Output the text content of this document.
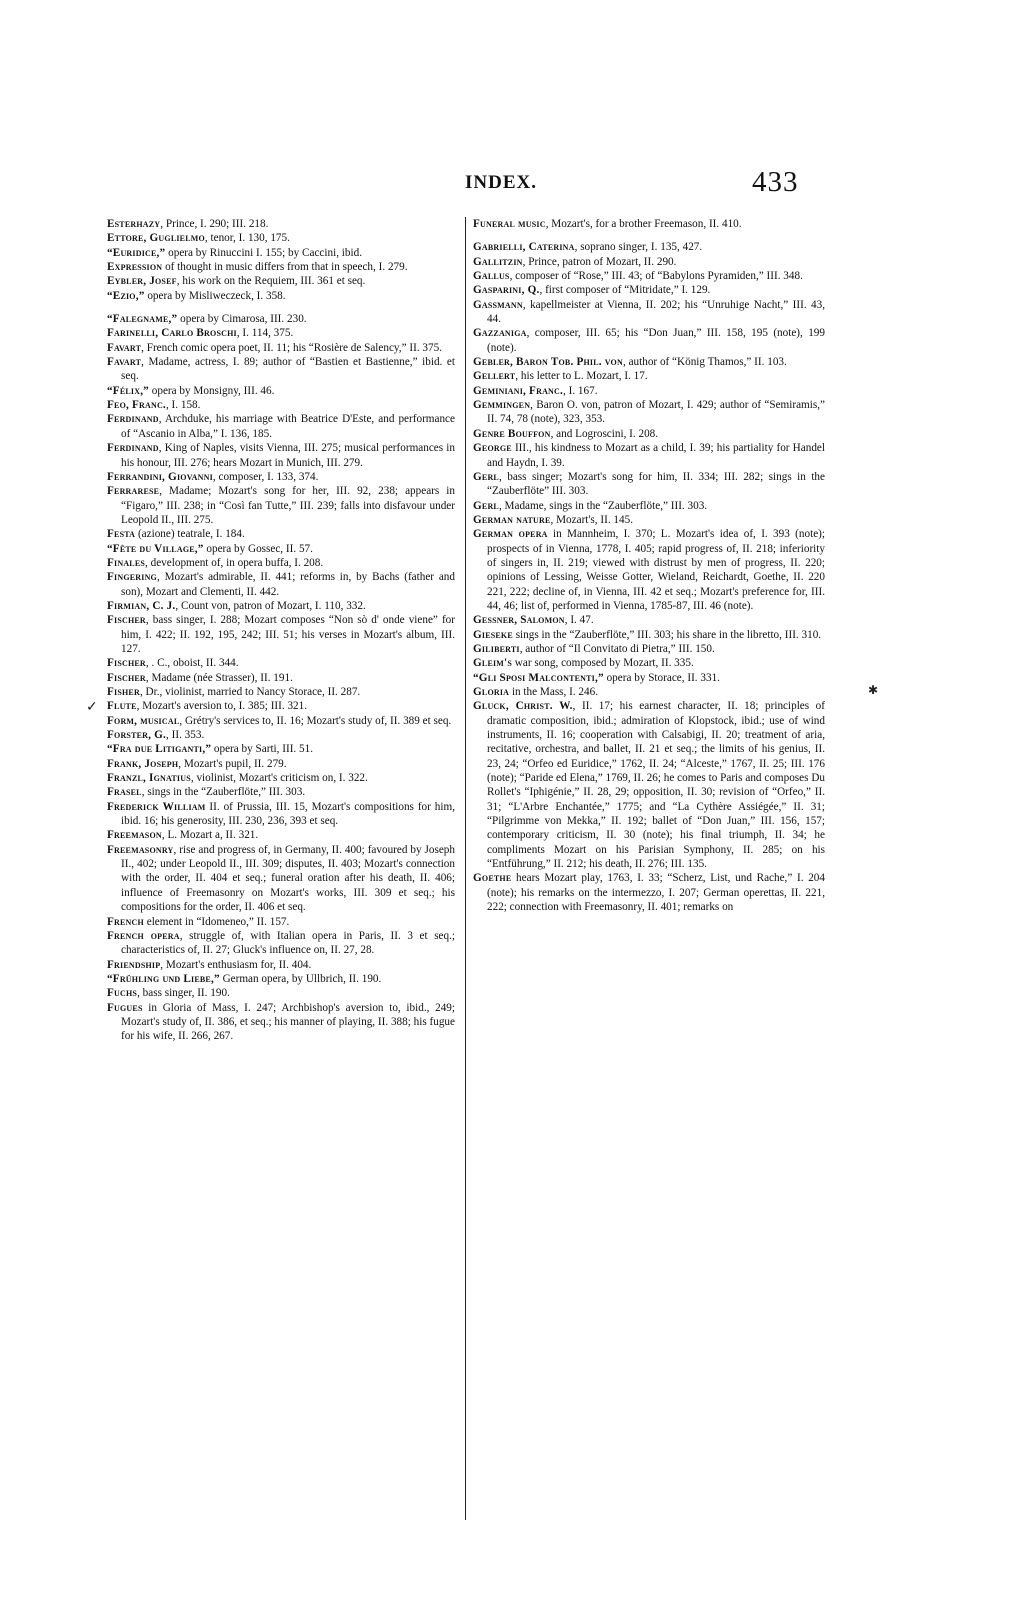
INDEX.	433

Esterhazy, Prince, I. 290; III. 218.

Ettore, Guglielmo, tenor, I. 130, 175.

“Euridice,” opera by Rinuccini I. 155; by Caccini, ibid.

Expression of thought in music differs from that in speech, I. 279.

Eybler, Josef, his work on the Requiem, III. 361 et seq.

“Ezio,” opera by Misliweczeck, I. 358.

“Falegname,” opera by Cimarosa, III. 230.

Farinelli, Carlo Broschi, I. 114, 375.

Favart, French comic opera poet, II. 11; his “Rosière de Salency,” II. 375.

Favart, Madame, actress, I. 89; author of “Bastien et Bastienne,” ibid. et seq.

“Félix,” opera by Monsigny, III. 46.

Feo, Franc., I. 158.

Ferdinand, Archduke, his marriage with Beatrice D'Este, and performance of “Ascanio in Alba,” I. 136, 185.

Ferdinand, King of Naples, visits Vienna, III. 275; musical performances in his honour, III. 276; hears Mozart in Munich, III. 279.

Ferrandini, Giovanni, composer, I. 133, 374.

Ferrarese, Madame; Mozart's song for her, III. 92, 238; appears in “Figaro,” III. 238; in “Così fan Tutte,” III. 239; falls into disfavour under Leopold II., III. 275.

Festa (azione) teatrale, I. 184.

“Fête du Village,” opera by Gossec, II. 57.

Finales, development of, in opera buffa, I. 208.

Fingering, Mozart's admirable, II. 441; reforms in, by Bachs (father and son), Mozart and Clementi, II. 442.

Firmian, C. J., Count von, patron of Mozart, I. 110, 332.

Fischer, bass singer, I. 288; Mozart composes “Non sò d' onde viene” for him, I. 422; II. 192, 195, 242; III. 51; his verses in Mozart's album, III. 127.

Fischer, . C., oboist, II. 344.

Fischer, Madame (née Strasser), II. 191.

Fisher, Dr., violinist, married to Nancy Storace, II. 287.

Flute, Mozart's aversion to, I. 385; III. 321.

Form, musical, Grétry's services to, II. 16; Mozart's study of, II. 389 et seq.

Forster, G., II. 353.

“Fra due Litiganti,” opera by Sarti, III. 51.

Frank, Joseph, Mozart's pupil, II. 279.

Franzl, Ignatius, violinist, Mozart's criticism on, I. 322.

Frasel, sings in the “Zauberflöte,” III. 303.

Frederick William II. of Prussia, III. 15, Mozart's compositions for him, ibid. 16; his generosity, III. 230, 236, 393 et seq.

Freemason, L. Mozart a, II. 321.

Freemasonry, rise and progress of, in Germany, II. 400; favoured by Joseph II., 402; under Leopold II., III. 309; disputes, II. 403; Mozart's connection with the order, II. 404 et seq.; funeral oration after his death, II. 406; influence of Freemasonry on Mozart's works, III. 309 et seq.; his compositions for the order, II. 406 et seq.

French element in “Idomeneo,” II. 157.

French opera, struggle of, with Italian opera in Paris, II. 3 et seq.; characteristics of, II. 27; Gluck's influence on, II. 27, 28.

Friendship, Mozart's enthusiasm for, II. 404.

“Frühling und Liebe,” German opera, by Ullbrich, II. 190.

Fuchs, bass singer, II. 190.

Fugues in Gloria of Mass, I. 247; Archbishop's aversion to, ibid., 249; Mozart's study of, II. 386, et seq.; his manner of playing, II. 388; his fugue for his wife, II. 266, 267.

Funeral music, Mozart's, for a brother Freemason, II. 410.

Gabrielli, Caterina, soprano singer, I. 135, 427.

Gallitzin, Prince, patron of Mozart, II. 290.

Gallus, composer of “Rose,” III. 43; of “Babylons Pyramiden,” III. 348.

Gasparini, Q., first composer of “Mitridate,” I. 129.

Gassmann, kapellmeister at Vienna, II. 202; his “Unruhige Nacht,” III. 43, 44.

Gazzaniga, composer, III. 65; his “Don Juan,” III. 158, 195 (note), 199 (note).

Gebler, Baron Tob. Phil. von, author of “König Thamos,” II. 103.

Gellert, his letter to L. Mozart, I. 17.

Geminiani, Franc., I. 167.

Gemmingen, Baron O. von, patron of Mozart, I. 429; author of “Semiramis,” II. 74, 78 (note), 323, 353.

Genre Bouffon, and Logroscini, I. 208.

George III., his kindness to Mozart as a child, I. 39; his partiality for Handel and Haydn, I. 39.

Gerl, bass singer; Mozart's song for him, II. 334; III. 282; sings in the “Zauberflöte” III. 303.

Gerl, Madame, sings in the “Zauberflöte,” III. 303.

German nature, Mozart's, II. 145.

German opera in Mannheim, I. 370; L. Mozart's idea of, I. 393 (note); prospects of in Vienna, 1778, I. 405; rapid progress of, II. 218; inferiority of singers in, II. 219; viewed with distrust by men of progress, II. 220; opinions of Lessing, Weisse Gotter, Wieland, Reichardt, Goethe, II. 220 221, 222; decline of, in Vienna, III. 42 et seq.; Mozart's preference for, III. 44, 46; list of, performed in Vienna, 1785-87, III. 46 (note).

Gessner, Salomon, I. 47.

Gieseke sings in the “Zauberflöte,” III. 303; his share in the libretto, III. 310.

Giliberti, author of “Il Convitato di Pietra,” III. 150.

Gleim's war song, composed by Mozart, II. 335.

“Gli Sposi Malcontenti,” opera by Storace, II. 331.

Gloria in the Mass, I. 246.

Gluck, Christ. W., II. 17; his earnest character, II. 18; principles of dramatic composition, ibid.; admiration of Klopstock, ibid.; use of wind instruments, II. 16; cooperation with Calsabigi, II. 20; treatment of aria, recitative, orchestra, and ballet, II. 21 et seq.; the limits of his genius, II. 23, 24; “Orfeo ed Euridice,” 1762, II. 24; “Alceste,” 1767, II. 25; III. 176 (note); “Paride ed Elena,” 1769, II. 26; he comes to Paris and composes Du Rollet's “Iphigénie,” II. 28, 29; opposition, II. 30; revision of “Orfeo,” II. 31; “L'Arbre Enchantée,” 1775; and “La Cythère Assiégée,” II. 31; “Pilgrimme von Mekka,” II. 192; ballet of “Don Juan,” III. 156, 157; contemporary criticism, II. 30 (note); his final triumph, II. 34; he compliments Mozart on his Parisian Symphony, II. 285; on his “Entführung,” II. 212; his death, II. 276; III. 135.

Goethe hears Mozart play, 1763, I. 33; “Scherz, List, und Rache,” I. 204 (note); his remarks on the intermezzo, I. 207; German operettas, II. 221, 222; connection with Freemasonry, II. 401; remarks on

✓
✱
